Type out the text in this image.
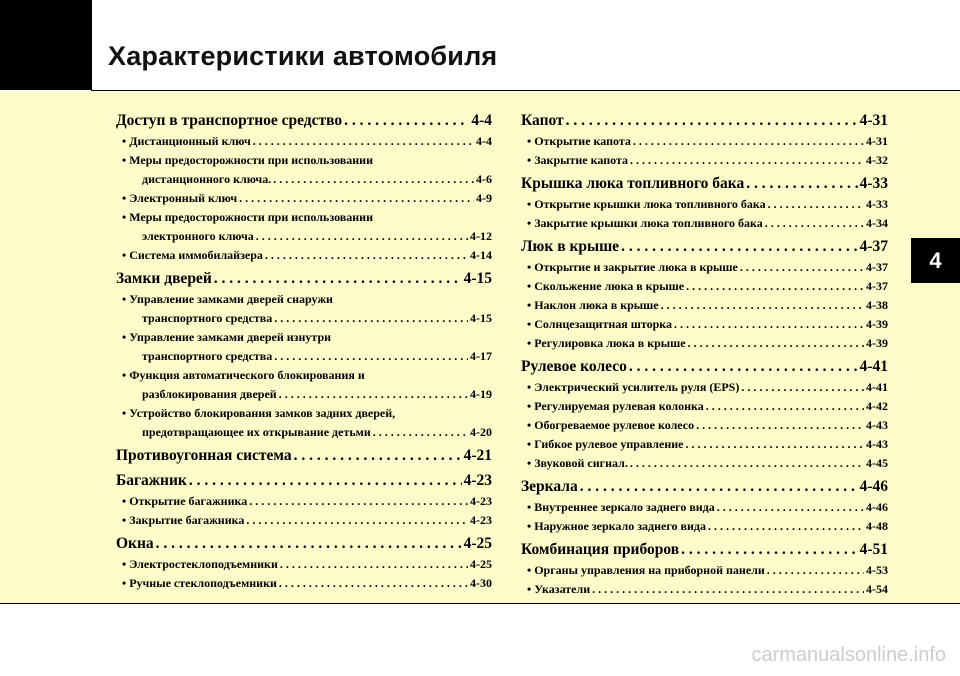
Характеристики автомобиля
4
Доступ в транспортное средство . . .	4-4
• Дистанционный ключ . . .	4-4
• Меры предосторожности при использовании
дистанционного ключа. . . .	4-6
• Электронный ключ . . .	4-9
• Меры предосторожности при использовании
электронного ключа . . .	4-12
• Система иммобилайзера . . .	4-14
Замки дверей . . .	4-15
• Управление замками дверей снаружи
транспортного средства . . .	4-15
• Управление замками дверей изнутри
транспортного средства . . .	4-17
• Функция автоматического блокирования и
разблокирования дверей . . .	4-19
• Устройство блокирования замков задних дверей,
предотвращающее их открывание детьми . . .	4-20
Противоугонная система . . .	4-21
Багажник . . .	4-23
• Открытие багажника . . .	4-23
• Закрытие багажника . . .	4-23
Окна . . .	4-25
• Электростеклоподъемники . . .	4-25
• Ручные стеклоподъемники . . .	4-30
Капот . . .	4-31
• Открытие капота . . .	4-31
• Закрытие капота . . .	4-32
Крышка люка топливного бака . . .	4-33
• Открытие крышки люка топливного бака . . .	4-33
• Закрытие крышки люка топливного бака . . .	4-34
Люк в крыше . . .	4-37
• Открытие и закрытие люка в крыше . . .	4-37
• Скольжение люка в крыше . . .	4-37
• Наклон люка в крыше . . .	4-38
• Солнцезащитная шторка . . .	4-39
• Регулировка люка в крыше . . .	4-39
Рулевое колесо . . .	4-41
• Электрический усилитель руля (EPS) . . .	4-41
• Регулируемая рулевая колонка . . .	4-42
• Обогреваемое рулевое колесо . . .	4-43
• Гибкое рулевое управление . . .	4-43
• Звуковой сигнал. . . .	4-45
Зеркала . . .	4-46
• Внутреннее зеркало заднего вида . . .	4-46
• Наружное зеркало заднего вида . . .	4-48
Комбинация приборов . . .	4-51
• Органы управления на приборной панели . . .	4-53
• Указатели . . .	4-54
carmanualsonline.info
